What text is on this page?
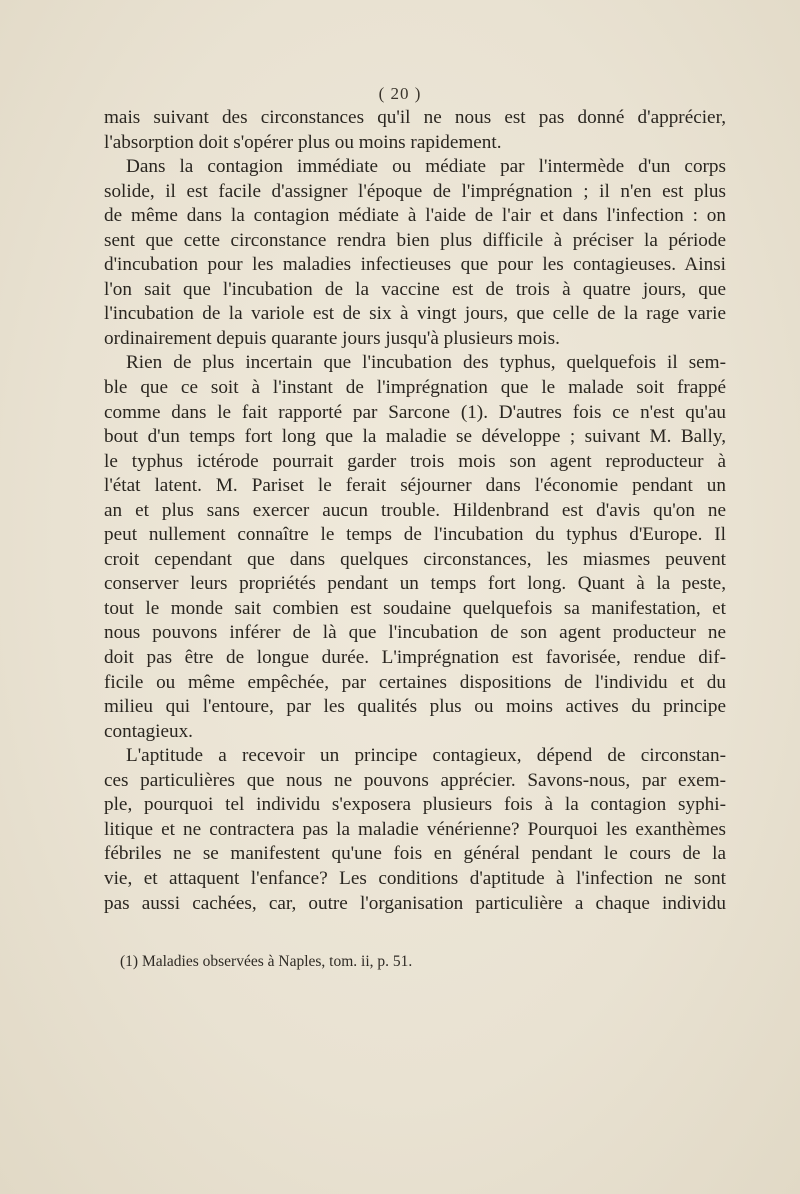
( 20 )
mais suivant des circonstances qu'il ne nous est pas donné d'apprécier,
l'absorption doit s'opérer plus ou moins rapidement.
Dans la contagion immédiate ou médiate par l'intermède d'un corps
solide, il est facile d'assigner l'époque de l'imprégnation ; il n'en est plus
de même dans la contagion médiate à l'aide de l'air et dans l'infection : on
sent que cette circonstance rendra bien plus difficile à préciser la période
d'incubation pour les maladies infectieuses que pour les contagieuses. Ainsi
l'on sait que l'incubation de la vaccine est de trois à quatre jours, que
l'incubation de la variole est de six à vingt jours, que celle de la rage varie
ordinairement depuis quarante jours jusqu'à plusieurs mois.
Rien de plus incertain que l'incubation des typhus, quelquefois il sem-
ble que ce soit à l'instant de l'imprégnation que le malade soit frappé
comme dans le fait rapporté par Sarcone (1). D'autres fois ce n'est qu'au
bout d'un temps fort long que la maladie se développe ; suivant M. Bally,
le typhus ictérode pourrait garder trois mois son agent reproducteur à
l'état latent. M. Pariset le ferait séjourner dans l'économie pendant un
an et plus sans exercer aucun trouble. Hildenbrand est d'avis qu'on ne
peut nullement connaître le temps de l'incubation du typhus d'Europe. Il
croit cependant que dans quelques circonstances, les miasmes peuvent
conserver leurs propriétés pendant un temps fort long. Quant à la peste,
tout le monde sait combien est soudaine quelquefois sa manifestation, et
nous pouvons inférer de là que l'incubation de son agent producteur ne
doit pas être de longue durée. L'imprégnation est favorisée, rendue dif-
ficile ou même empêchée, par certaines dispositions de l'individu et du
milieu qui l'entoure, par les qualités plus ou moins actives du principe
contagieux.
L'aptitude a recevoir un principe contagieux, dépend de circonstan-
ces particulières que nous ne pouvons apprécier. Savons-nous, par exem-
ple, pourquoi tel individu s'exposera plusieurs fois à la contagion syphi-
litique et ne contractera pas la maladie vénérienne? Pourquoi les exanthèmes
fébriles ne se manifestent qu'une fois en général pendant le cours de la
vie, et attaquent l'enfance? Les conditions d'aptitude à l'infection ne sont
pas aussi cachées, car, outre l'organisation particulière a chaque individu
(1) Maladies observées à Naples, tom. ii, p. 51.
